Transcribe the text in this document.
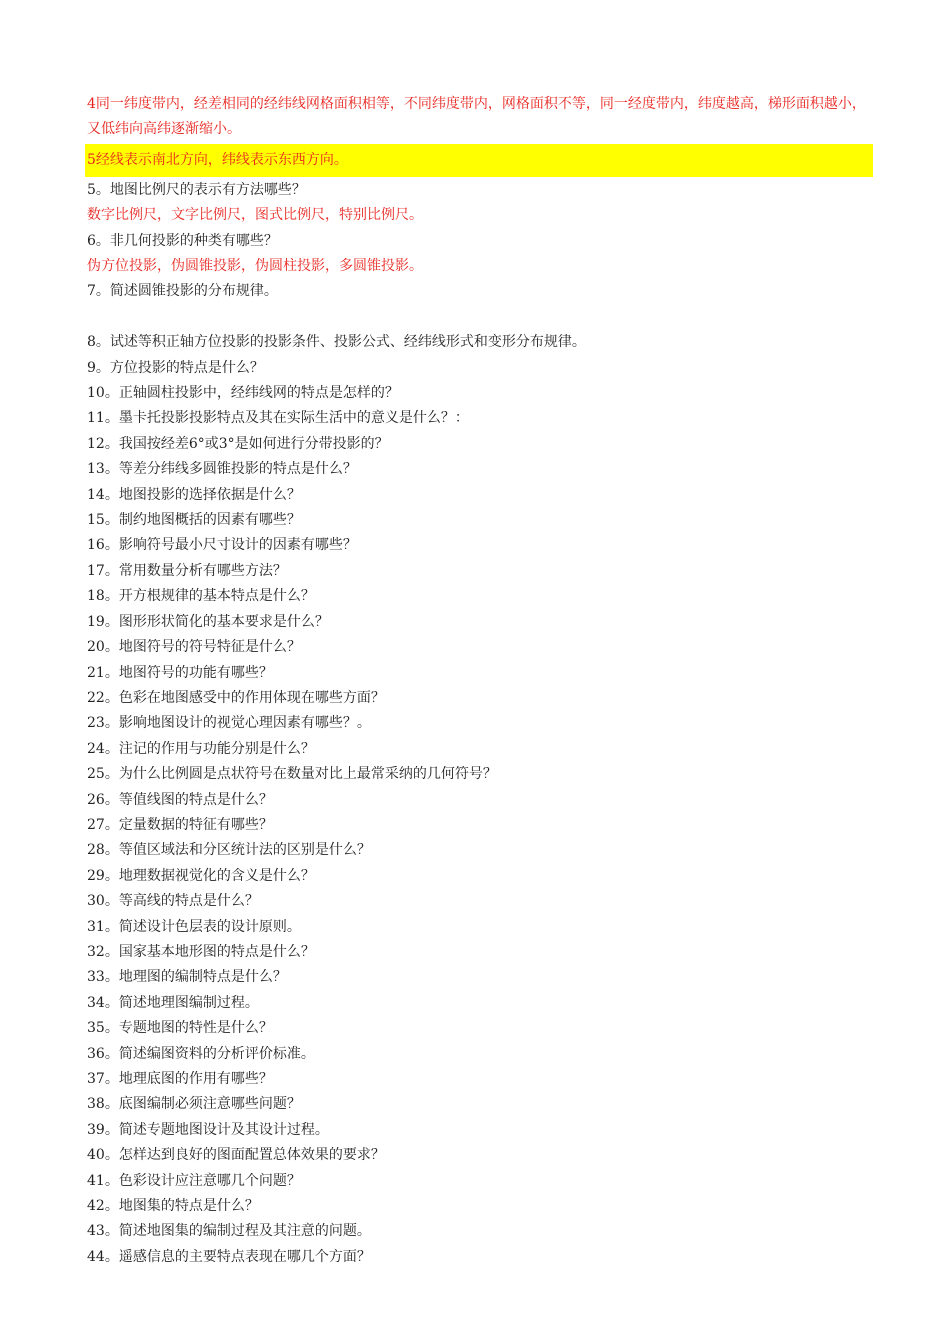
4同一纬度带内，经差相同的经纬线网格面积相等，不同纬度带内，网格面积不等，同一经度带内，纬度越高，梯形面积越小，又低纬向高纬逐渐缩小。
5经线表示南北方向，纬线表示东西方向。
5。地图比例尺的表示有方法哪些？
数字比例尺，文字比例尺，图式比例尺，特别比例尺。
6。非几何投影的种类有哪些？
伪方位投影，伪圆锥投影，伪圆柱投影，多圆锥投影。
7。简述圆锥投影的分布规律。
8。试述等积正轴方位投影的投影条件、投影公式、经纬线形式和变形分布规律。
9。方位投影的特点是什么？
10。正轴圆柱投影中，经纬线网的特点是怎样的？
11。墨卡托投影投影特点及其在实际生活中的意义是什么？：
12。我国按经差6°或3°是如何进行分带投影的？
13。等差分纬线多圆锥投影的特点是什么？
14。地图投影的选择依据是什么？
15。制约地图概括的因素有哪些？
16。影响符号最小尺寸设计的因素有哪些？
17。常用数量分析有哪些方法？
18。开方根规律的基本特点是什么？
19。图形形状简化的基本要求是什么？
20。地图符号的符号特征是什么？
21。地图符号的功能有哪些？
22。色彩在地图感受中的作用体现在哪些方面？
23。影响地图设计的视觉心理因素有哪些？。
24。注记的作用与功能分别是什么？
25。为什么比例圆是点状符号在数量对比上最常采纳的几何符号？
26。等值线图的特点是什么？
27。定量数据的特征有哪些？
28。等值区域法和分区统计法的区别是什么？
29。地理数据视觉化的含义是什么？
30。等高线的特点是什么？
31。简述设计色层表的设计原则。
32。国家基本地形图的特点是什么？
33。地理图的编制特点是什么？
34。简述地理图编制过程。
35。专题地图的特性是什么？
36。简述编图资料的分析评价标准。
37。地理底图的作用有哪些？
38。底图编制必须注意哪些问题？
39。简述专题地图设计及其设计过程。
40。怎样达到良好的图面配置总体效果的要求？
41。色彩设计应注意哪几个问题？
42。地图集的特点是什么？
43。简述地图集的编制过程及其注意的问题。
44。遥感信息的主要特点表现在哪几个方面？
